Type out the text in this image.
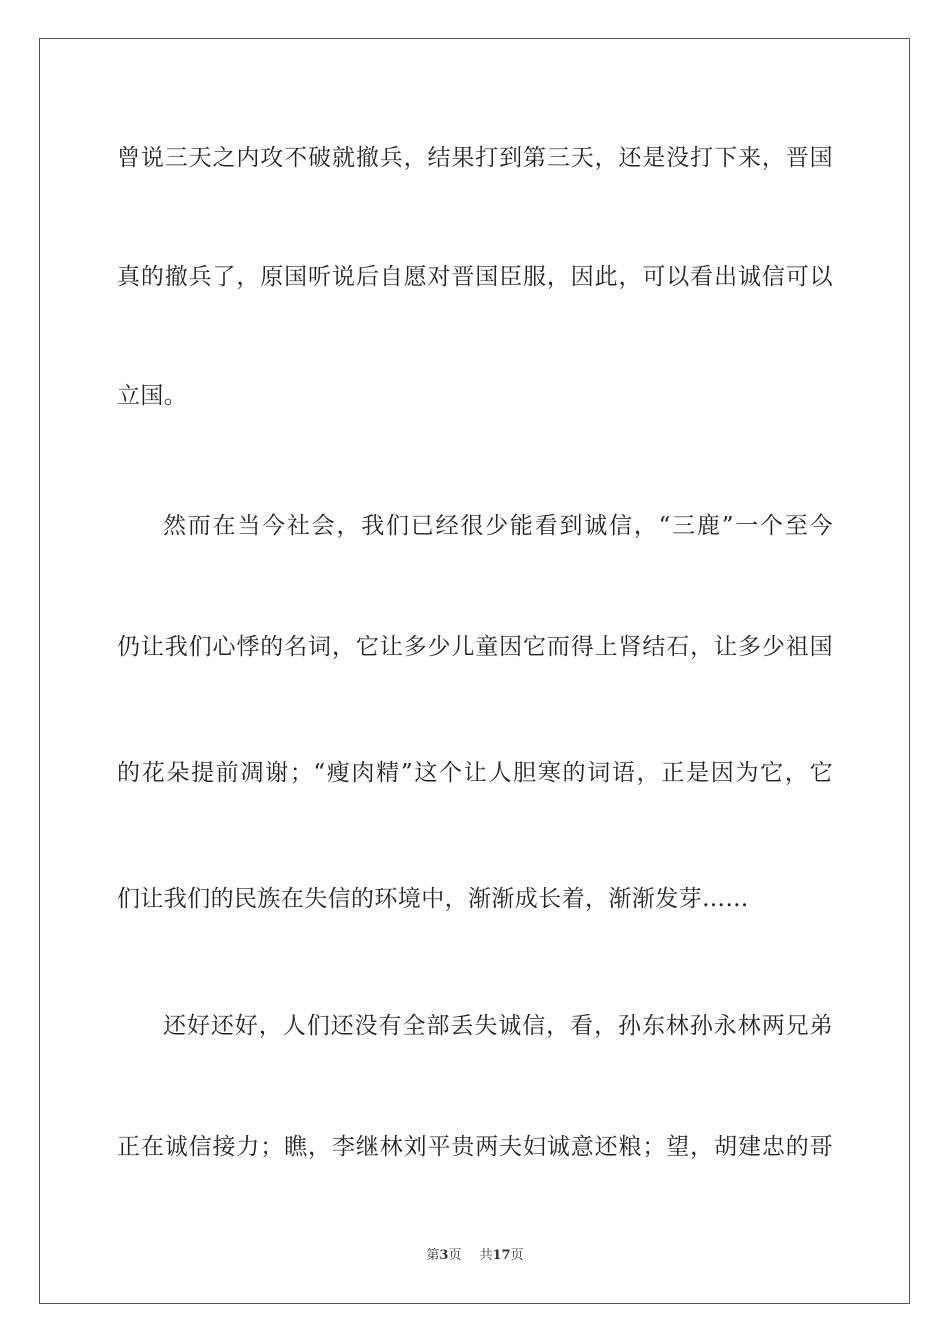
曾说三天之内攻不破就撤兵，结果打到第三天，还是没打下来，晋国
真的撤兵了，原国听说后自愿对晋国臣服，因此，可以看出诚信可以
立国。
然而在当今社会，我们已经很少能看到诚信，“三鹿”一个至今
仍让我们心悸的名词，它让多少儿童因它而得上肾结石，让多少祖国
的花朵提前凋谢；“瘦肉精”这个让人胆寒的词语，正是因为它，它
们让我们的民族在失信的环境中，渐渐成长着，渐渐发芽……
还好还好，人们还没有全部丢失诚信，看，孙东林孙永林两兄弟
正在诚信接力；瞧，李继林刘平贵两夫妇诚意还粮；望，胡建忠的哥
第3页 共17页
